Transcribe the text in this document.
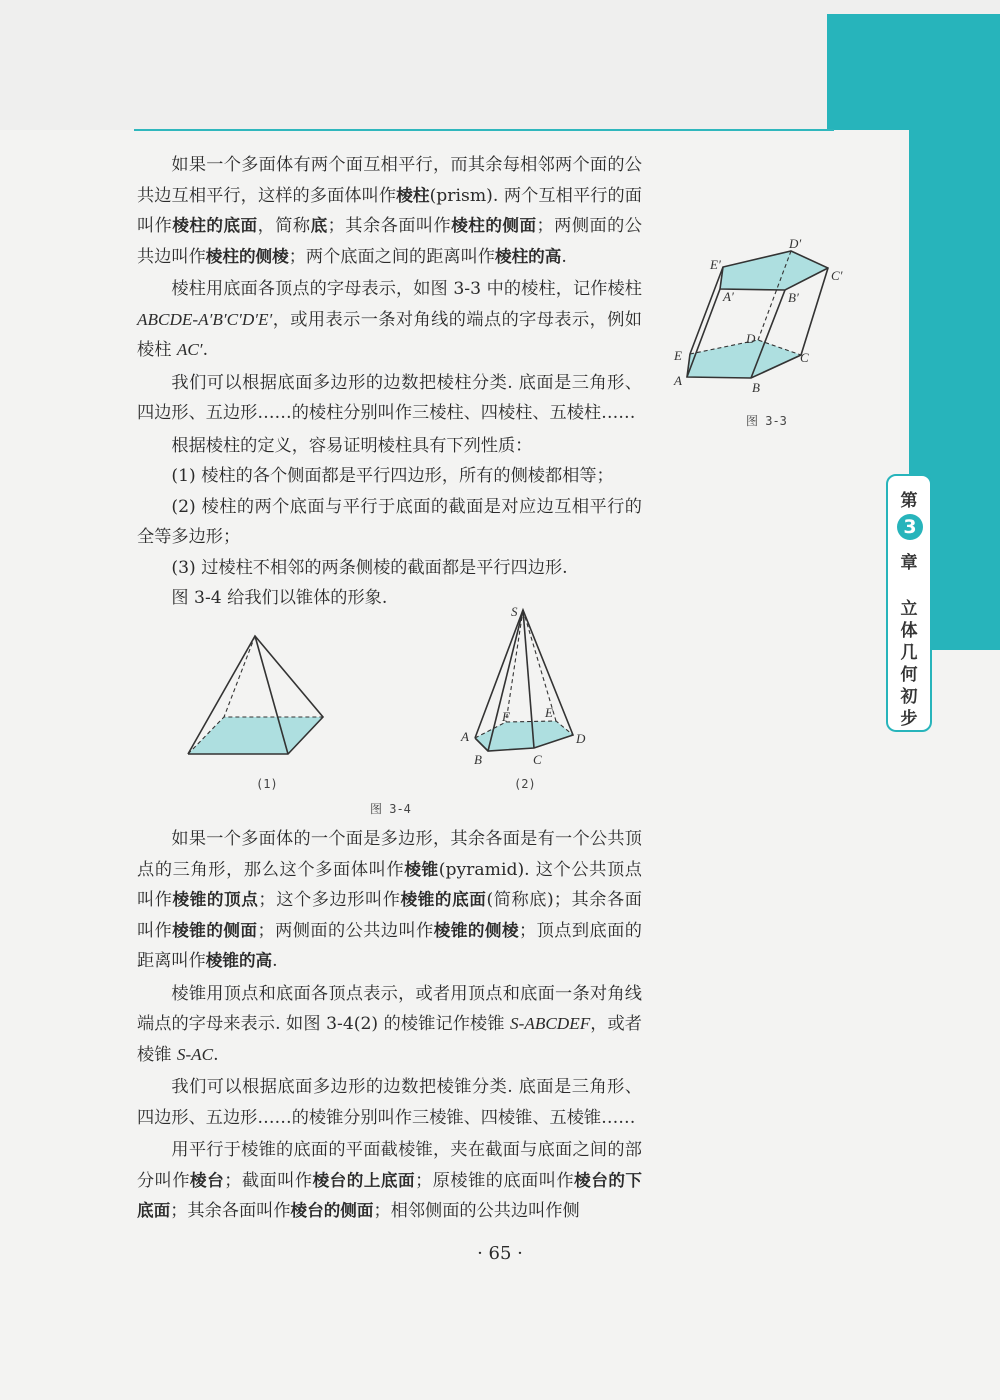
如果一个多面体有两个面互相平行，而其余每相邻两个面的公共边互相平行，这样的多面体叫作棱柱(prism). 两个互相平行的面叫作棱柱的底面，简称底；其余各面叫作棱柱的侧面；两侧面的公共边叫作棱柱的侧棱；两个底面之间的距离叫作棱柱的高.

棱柱用底面各顶点的字母表示，如图 3-3 中的棱柱，记作棱柱 ABCDE-A′B′C′D′E′，或用表示一条对角线的端点的字母表示，例如棱柱 AC′.

我们可以根据底面多边形的边数把棱柱分类. 底面是三角形、四边形、五边形……的棱柱分别叫作三棱柱、四棱柱、五棱柱……

根据棱柱的定义，容易证明棱柱具有下列性质：

(1) 棱柱的各个侧面都是平行四边形，所有的侧棱都相等；

(2) 棱柱的两个底面与平行于底面的截面是对应边互相平行的全等多边形；

(3) 过棱柱不相邻的两条侧棱的截面都是平行四边形.

图 3-4 给我们以锥体的形象.

A	B
C
D
E
A′	B′
C′
D′
E′
图 3-3
(1)
S
A
B	C
D
E
F
(2)
图 3-4

如果一个多面体的一个面是多边形，其余各面是有一个公共顶点的三角形，那么这个多面体叫作棱锥(pyramid). 这个公共顶点叫作棱锥的顶点；这个多边形叫作棱锥的底面(简称底)；其余各面叫作棱锥的侧面；两侧面的公共边叫作棱锥的侧棱；顶点到底面的距离叫作棱锥的高.

棱锥用顶点和底面各顶点表示，或者用顶点和底面一条对角线端点的字母来表示. 如图 3-4(2) 的棱锥记作棱锥 S-ABCDEF，或者棱锥 S-AC.

我们可以根据底面多边形的边数把棱锥分类. 底面是三角形、四边形、五边形……的棱锥分别叫作三棱锥、四棱锥、五棱锥……

用平行于棱锥的底面的平面截棱锥，夹在截面与底面之间的部分叫作棱台；截面叫作棱台的上底面；原棱锥的底面叫作棱台的下底面；其余各面叫作棱台的侧面；相邻侧面的公共边叫作侧

第
3
章
立
体
几
何
初
步
· 65 ·
